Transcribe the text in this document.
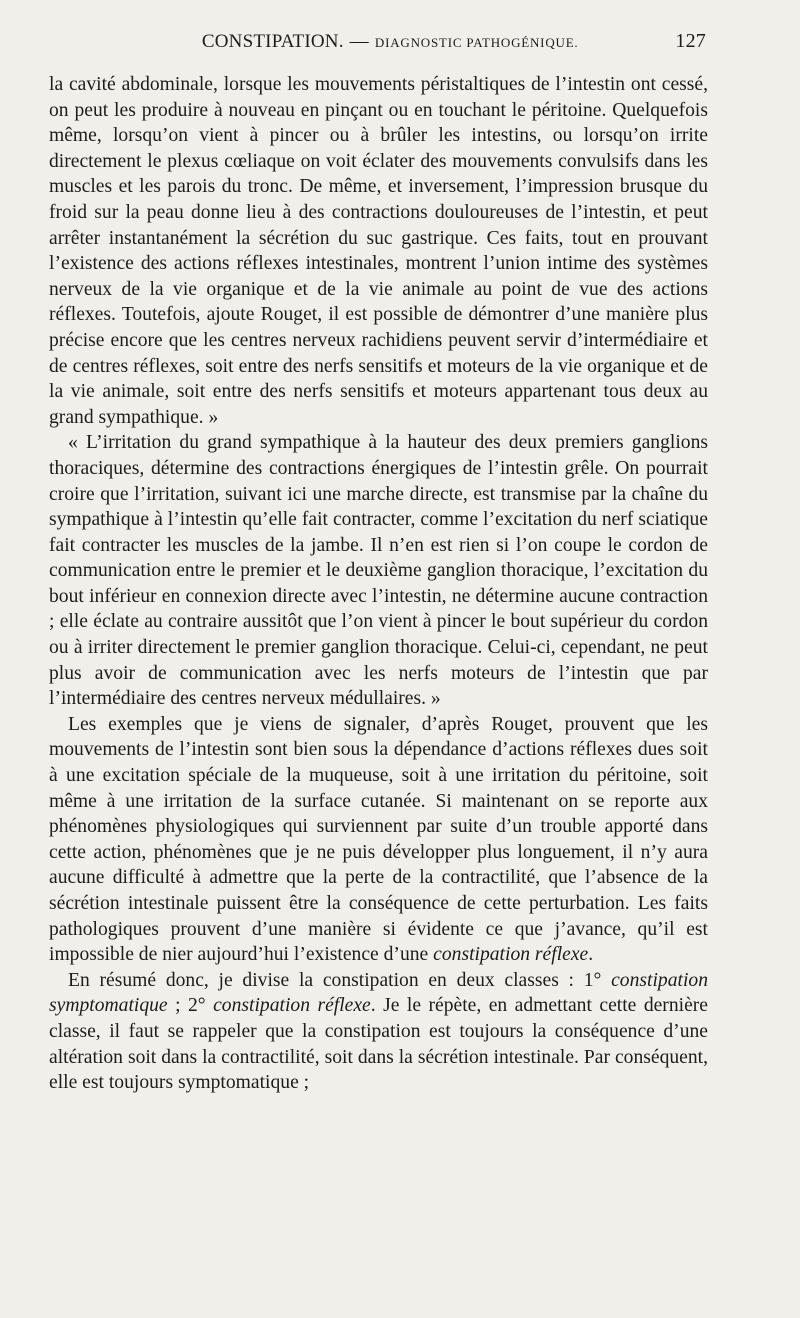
CONSTIPATION. — DIAGNOSTIC PATHOGÉNIQUE.	127

la cavité abdominale, lorsque les mouvements péristaltiques de l’intestin ont cessé, on peut les produire à nouveau en pinçant ou en touchant le péritoine. Quelquefois même, lorsqu’on vient à pincer ou à brûler les intestins, ou lorsqu’on irrite directement le plexus cœliaque on voit éclater des mouvements convulsifs dans les muscles et les parois du tronc. De même, et inversement, l’impression brusque du froid sur la peau donne lieu à des contractions douloureuses de l’intestin, et peut arrêter instantanément la sécrétion du suc gastrique. Ces faits, tout en prouvant l’existence des actions réflexes intestinales, montrent l’union intime des systèmes nerveux de la vie organique et de la vie animale au point de vue des actions réflexes. Toutefois, ajoute Rouget, il est possible de démontrer d’une manière plus précise encore que les centres nerveux rachidiens peuvent servir d’intermédiaire et de centres réflexes, soit entre des nerfs sensitifs et moteurs de la vie organique et de la vie animale, soit entre des nerfs sensitifs et moteurs appartenant tous deux au grand sympathique. »

« L’irritation du grand sympathique à la hauteur des deux premiers ganglions thoraciques, détermine des contractions énergiques de l’intestin grêle. On pourrait croire que l’irritation, suivant ici une marche directe, est transmise par la chaîne du sympathique à l’intestin qu’elle fait contracter, comme l’excitation du nerf sciatique fait contracter les muscles de la jambe. Il n’en est rien si l’on coupe le cordon de communication entre le premier et le deuxième ganglion thoracique, l’excitation du bout inférieur en connexion directe avec l’intestin, ne détermine aucune contraction ; elle éclate au contraire aussitôt que l’on vient à pincer le bout supérieur du cordon ou à irriter directement le premier ganglion thoracique. Celui-ci, cependant, ne peut plus avoir de communication avec les nerfs moteurs de l’intestin que par l’intermédiaire des centres nerveux médullaires. »

Les exemples que je viens de signaler, d’après Rouget, prouvent que les mouvements de l’intestin sont bien sous la dépendance d’actions réflexes dues soit à une excitation spéciale de la muqueuse, soit à une irritation du péritoine, soit même à une irritation de la surface cutanée. Si maintenant on se reporte aux phénomènes physiologiques qui surviennent par suite d’un trouble apporté dans cette action, phénomènes que je ne puis développer plus longuement, il n’y aura aucune difficulté à admettre que la perte de la contractilité, que l’absence de la sécrétion intestinale puissent être la conséquence de cette perturbation. Les faits pathologiques prouvent d’une manière si évidente ce que j’avance, qu’il est impossible de nier aujourd’hui l’existence d’une constipation réflexe.

En résumé donc, je divise la constipation en deux classes : 1° constipation symptomatique ; 2° constipation réflexe. Je le répète, en admettant cette dernière classe, il faut se rappeler que la constipation est toujours la conséquence d’une altération soit dans la contractilité, soit dans la sécrétion intestinale. Par conséquent, elle est toujours symptomatique ;
